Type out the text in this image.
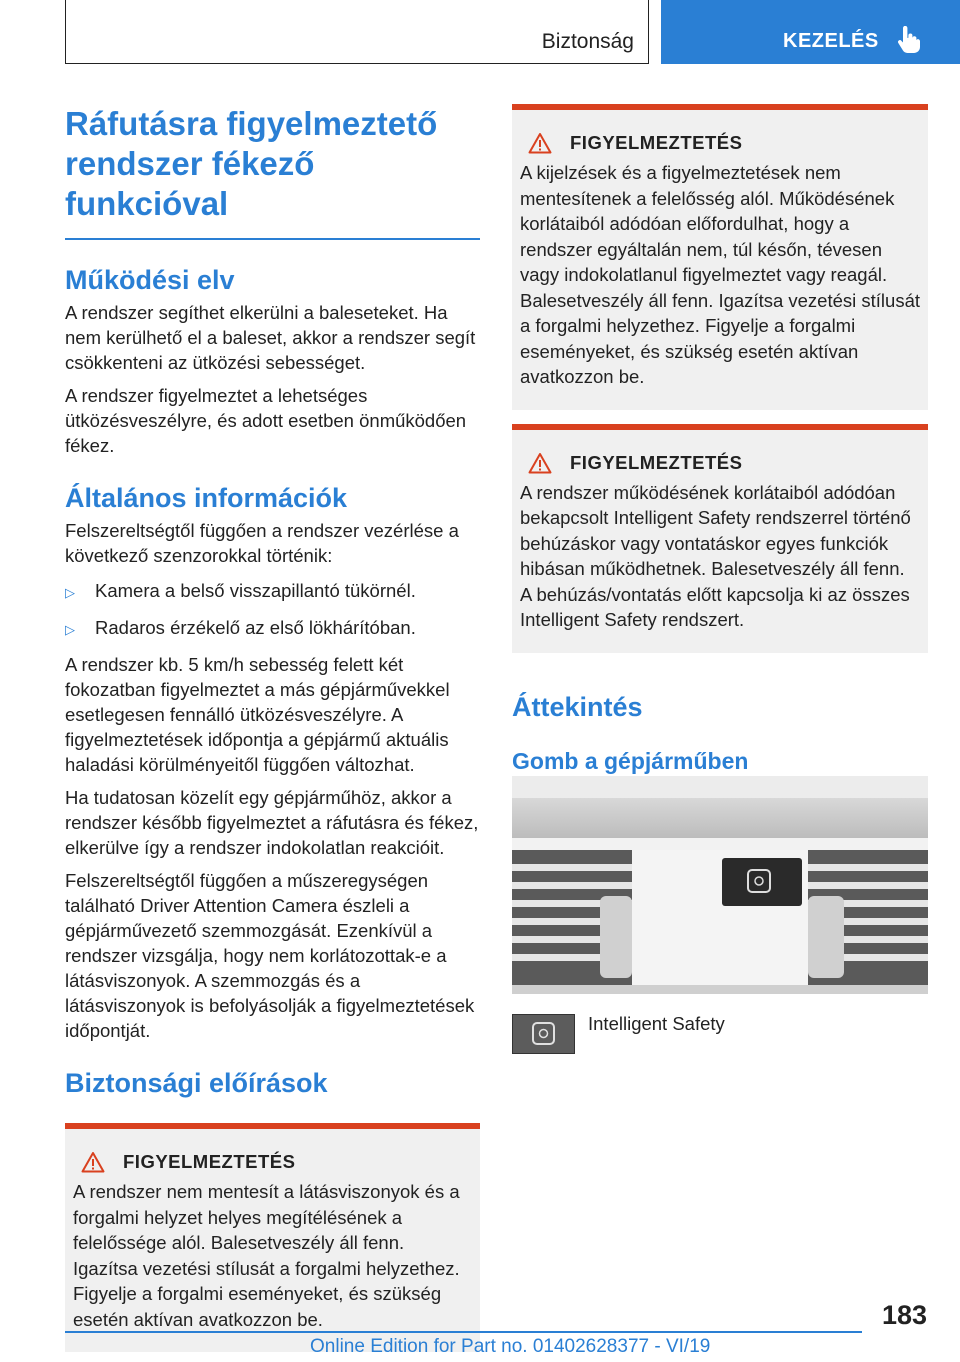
Biztonság	KEZELÉS
Ráfutásra figyelmeztető
rendszer fékező funkcióval
Működési elv

A rendszer segíthet elkerülni a baleseteket. Ha nem kerülhető el a baleset, akkor a rendszer segít csökkenteni az ütközési sebességet.

A rendszer figyelmeztet a lehetséges ütközésveszélyre, és adott esetben önműködően fékez.

Általános információk

Felszereltségtől függően a rendszer vezérlése a következő szenzorokkal történik:

▷	Kamera a belső visszapillantó tükörnél.
▷	Radaros érzékelő az első lökhárítóban.

A rendszer kb. 5 km/h sebesség felett két fokozatban figyelmeztet a más gépjárművekkel esetlegesen fennálló ütközésveszélyre. A figyelmeztetések időpontja a gépjármű aktuális haladási körülményeitől függően változhat.

Ha tudatosan közelít egy gépjárműhöz, akkor a rendszer később figyelmeztet a ráfutásra és fékez, elkerülve így a rendszer indokolatlan reakcióit.

Felszereltségtől függően a műszeregységen található Driver Attention Camera észleli a gépjárművezető szemmozgását. Ezenkívül a rendszer vizsgálja, hogy nem korlátozottak-e a látásviszonyok. A szemmozgás és a látásviszonyok is befolyásolják a figyelmeztetések időpontját.

Biztonsági előírások
FIGYELMEZTETÉS

A rendszer nem mentesít a látásviszonyok és a forgalmi helyzet helyes megítélésének a felelőssége alól. Balesetveszély áll fenn. Igazítsa vezetési stílusát a forgalmi helyzethez. Figyelje a forgalmi eseményeket, és szükség esetén aktívan avatkozzon be.

FIGYELMEZTETÉS

A kijelzések és a figyelmeztetések nem mentesítenek a felelősség alól. Működésének korlátaiból adódóan előfordulhat, hogy a rendszer egyáltalán nem, túl későn, tévesen vagy indokolatlanul figyelmeztet vagy reagál. Balesetveszély áll fenn. Igazítsa vezetési stílusát a forgalmi helyzethez. Figyelje a forgalmi eseményeket, és szükség esetén aktívan avatkozzon be.

FIGYELMEZTETÉS

A rendszer működésének korlátaiból adódóan bekapcsolt Intelligent Safety rendszerrel történő behúzáskor vagy vontatáskor egyes funkciók hibásan működhetnek. Balesetveszély áll fenn. A behúzás/vontatás előtt kapcsolja ki az összes Intelligent Safety rendszert.

Áttekintés
Gomb a gépjárműben
Intelligent Safety
183
Online Edition for Part no. 01402628377 - VI/19
